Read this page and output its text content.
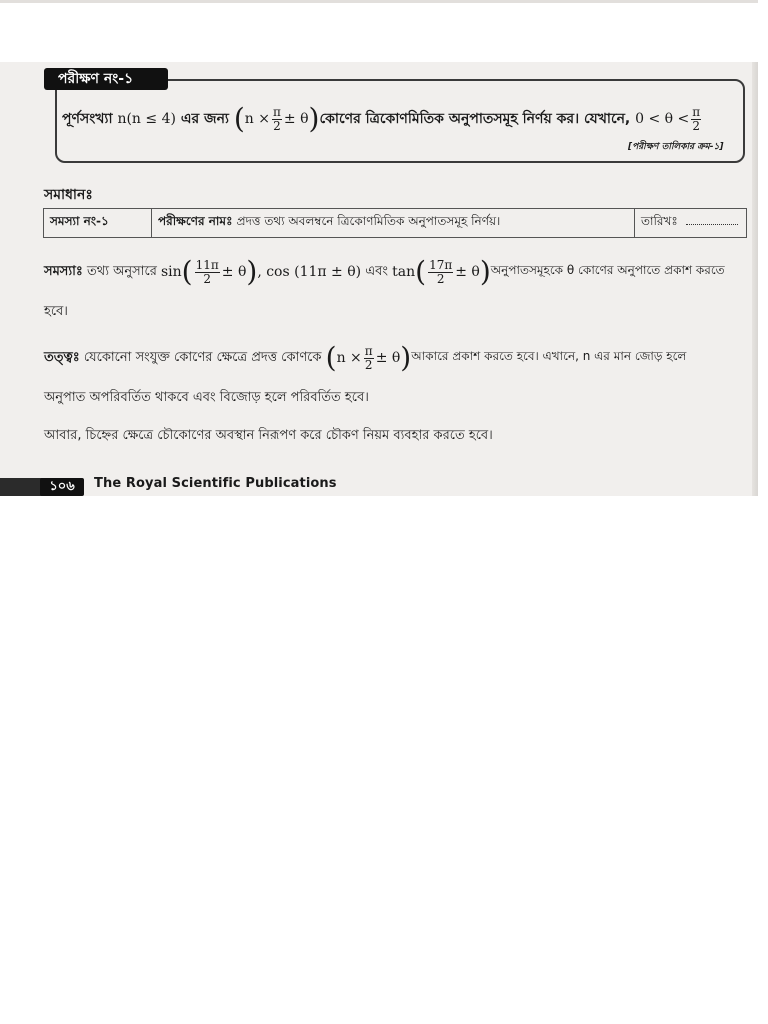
পরীক্ষণ নং-১
পূর্ণসংখ্যা
n(n ≤ 4)
এর জন্য
( $n \times \frac{\pi}{2} \pm \theta$ ) কোণের ত্রিকোণমিতিক অনুপাতসমূহ নির্ণয় কর। যেখানে,
$0 < \theta < \frac{\pi}{2}$
[পরীক্ষণ তালিকার ক্রম-১]
সমাধানঃ
সমস্যা নং-১	পরীক্ষণের নামঃ প্রদত্ত তথ্য অবলম্বনে ত্রিকোণমিতিক অনুপাতসমূহ নির্ণয়।	তারিখঃ
সমস্যাঃ
তথ্য অনুসারে
sin ( $\frac{11\pi}{2} \pm \theta$ ) , cos (11π ± θ)
এবং
tan ( $\frac{17\pi}{2} \pm \theta$ ) অনুপাতসমূহকে θ কোণের অনুপাতে প্রকাশ করতে
হবে।
তত্ত্বঃ
যেকোনো সংযুক্ত কোণের ক্ষেত্রে প্রদত্ত কোণকে
( $n \times \frac{\pi}{2} \pm \theta$ ) আকারে প্রকাশ করতে হবে। এখানে, n এর মান জোড় হলে
অনুপাত অপরিবর্তিত থাকবে এবং বিজোড় হলে পরিবর্তিত হবে।
আবার, চিহ্নের ক্ষেত্রে চৌকোণের অবস্থান নিরূপণ করে চৌকণ নিয়ম ব্যবহার করতে হবে।
১০৬	The Royal Scientific Publications
